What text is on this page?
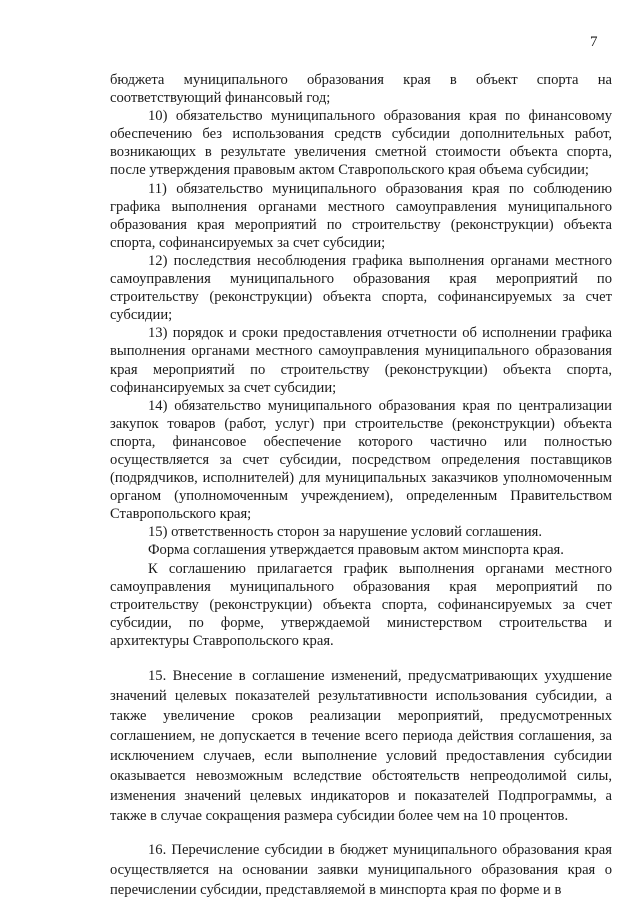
7

бюджета муниципального образования края в объект спорта на соответствующий финансовый год;

10) обязательство муниципального образования края по финансовому обеспечению без использования средств субсидии дополнительных работ, возникающих в результате увеличения сметной стоимости объекта спорта, после утверждения правовым актом Ставропольского края объема субсидии;

11) обязательство муниципального образования края по соблюдению графика выполнения органами местного самоуправления муниципального образования края мероприятий по строительству (реконструкции) объекта спорта, софинансируемых за счет субсидии;

12) последствия несоблюдения графика выполнения органами местного самоуправления муниципального образования края мероприятий по строительству (реконструкции) объекта спорта, софинансируемых за счет субсидии;

13) порядок и сроки предоставления отчетности об исполнении графика выполнения органами местного самоуправления муниципального образования края мероприятий по строительству (реконструкции) объекта спорта, софинансируемых за счет субсидии;

14) обязательство муниципального образования края по централизации закупок товаров (работ, услуг) при строительстве (реконструкции) объекта спорта, финансовое обеспечение которого частично или полностью осуществляется за счет субсидии, посредством определения поставщиков (подрядчиков, исполнителей) для муниципальных заказчиков уполномоченным органом (уполномоченным учреждением), определенным Правительством Ставропольского края;

15) ответственность сторон за нарушение условий соглашения.

Форма соглашения утверждается правовым актом минспорта края.

К соглашению прилагается график выполнения органами местного самоуправления муниципального образования края мероприятий по строительству (реконструкции) объекта спорта, софинансируемых за счет субсидии, по форме, утверждаемой министерством строительства и архитектуры Ставропольского края.

15. Внесение в соглашение изменений, предусматривающих ухудшение значений целевых показателей результативности использования субсидии, а также увеличение сроков реализации мероприятий, предусмотренных соглашением, не допускается в течение всего периода действия соглашения, за исключением случаев, если выполнение условий предоставления субсидии оказывается невозможным вследствие обстоятельств непреодолимой силы, изменения значений целевых индикаторов и показателей Подпрограммы, а также в случае сокращения размера субсидии более чем на 10 процентов.

16. Перечисление субсидии в бюджет муниципального образования края осуществляется на основании заявки муниципального образования края о перечислении субсидии, представляемой в минспорта края по форме и в
